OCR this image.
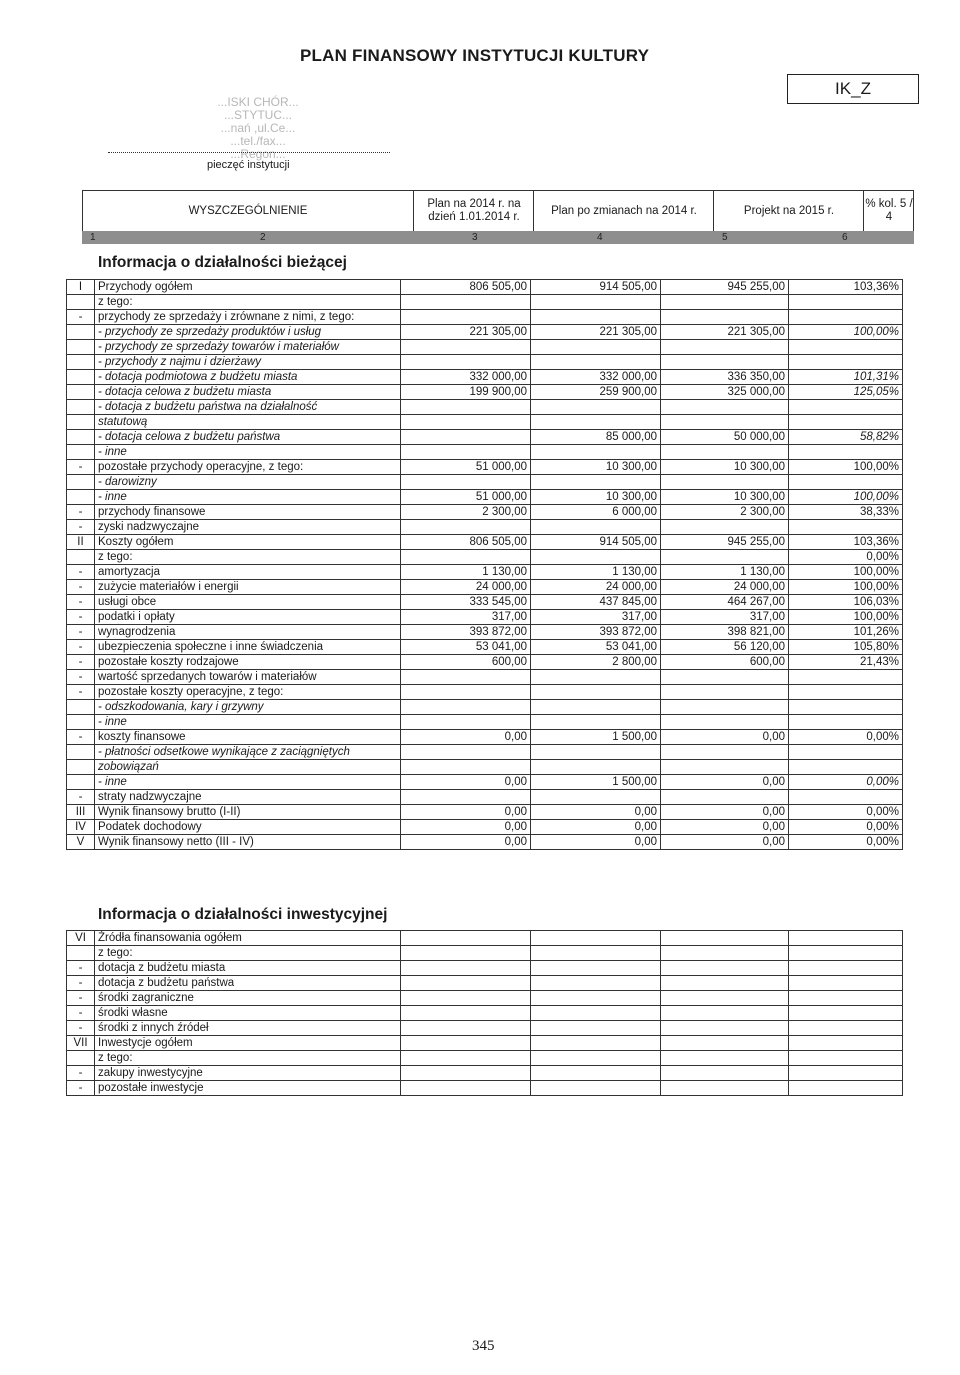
PLAN FINANSOWY INSTYTUCJI KULTURY
IK_Z
...ISKI CHÓR...
...STYTUC...
...nań ,ul.Ce...
...tel./fax...
...Regon...
pieczęć instytucji
WYSZCZEGÓLNIENIE
Plan na 2014 r. na dzień 1.01.2014 r.
Plan po zmianach na 2014 r.	Projekt na 2015 r.
% kol. 5 / 4
1	2	3	4	5	6
Informacja o działalności bieżącej
I	Przychody ogółem	806 505,00	914 505,00	945 255,00	103,36%
	z tego:				
-	przychody ze sprzedaży i zrównane z nimi, z tego:				
	- przychody ze sprzedaży produktów i usług	221 305,00	221 305,00	221 305,00	100,00%
	- przychody ze sprzedaży towarów i materiałów				
	- przychody z najmu i dzierżawy				
	- dotacja podmiotowa z budżetu miasta	332 000,00	332 000,00	336 350,00	101,31%
	- dotacja celowa z budżetu miasta	199 900,00	259 900,00	325 000,00	125,05%
	- dotacja z budżetu państwa na działalność				
	statutową				
	- dotacja celowa z budżetu państwa		85 000,00	50 000,00	58,82%
	- inne				
-	pozostałe przychody operacyjne, z tego:	51 000,00	10 300,00	10 300,00	100,00%
	- darowizny				
	- inne	51 000,00	10 300,00	10 300,00	100,00%
-	przychody finansowe	2 300,00	6 000,00	2 300,00	38,33%
-	zyski nadzwyczajne				
II	Koszty ogółem	806 505,00	914 505,00	945 255,00	103,36%
	z tego:				0,00%
-	amortyzacja	1 130,00	1 130,00	1 130,00	100,00%
-	zużycie materiałów i energii	24 000,00	24 000,00	24 000,00	100,00%
-	usługi obce	333 545,00	437 845,00	464 267,00	106,03%
-	podatki i opłaty	317,00	317,00	317,00	100,00%
-	wynagrodzenia	393 872,00	393 872,00	398 821,00	101,26%
-	ubezpieczenia społeczne i inne świadczenia	53 041,00	53 041,00	56 120,00	105,80%
-	pozostałe koszty rodzajowe	600,00	2 800,00	600,00	21,43%
-	wartość sprzedanych towarów i materiałów				
-	pozostałe koszty operacyjne, z tego:				
	- odszkodowania, kary i grzywny				
	- inne				
-	koszty finansowe	0,00	1 500,00	0,00	0,00%
	- płatności odsetkowe wynikające z zaciągniętych				
	zobowiązań				
	- inne	0,00	1 500,00	0,00	0,00%
-	straty nadzwyczajne				
III	Wynik finansowy brutto (I-II)	0,00	0,00	0,00	0,00%
IV	Podatek dochodowy	0,00	0,00	0,00	0,00%
V	Wynik finansowy netto (III - IV)	0,00	0,00	0,00	0,00%
Informacja o działalności inwestycyjnej
VI	Źródła finansowania ogółem				
	z tego:				
-	dotacja z budżetu miasta				
-	dotacja z budżetu państwa				
-	środki zagraniczne				
-	środki własne				
-	środki z innych źródeł				
VII	Inwestycje ogółem				
	z tego:				
-	zakupy inwestycyjne				
-	pozostałe inwestycje				
345
